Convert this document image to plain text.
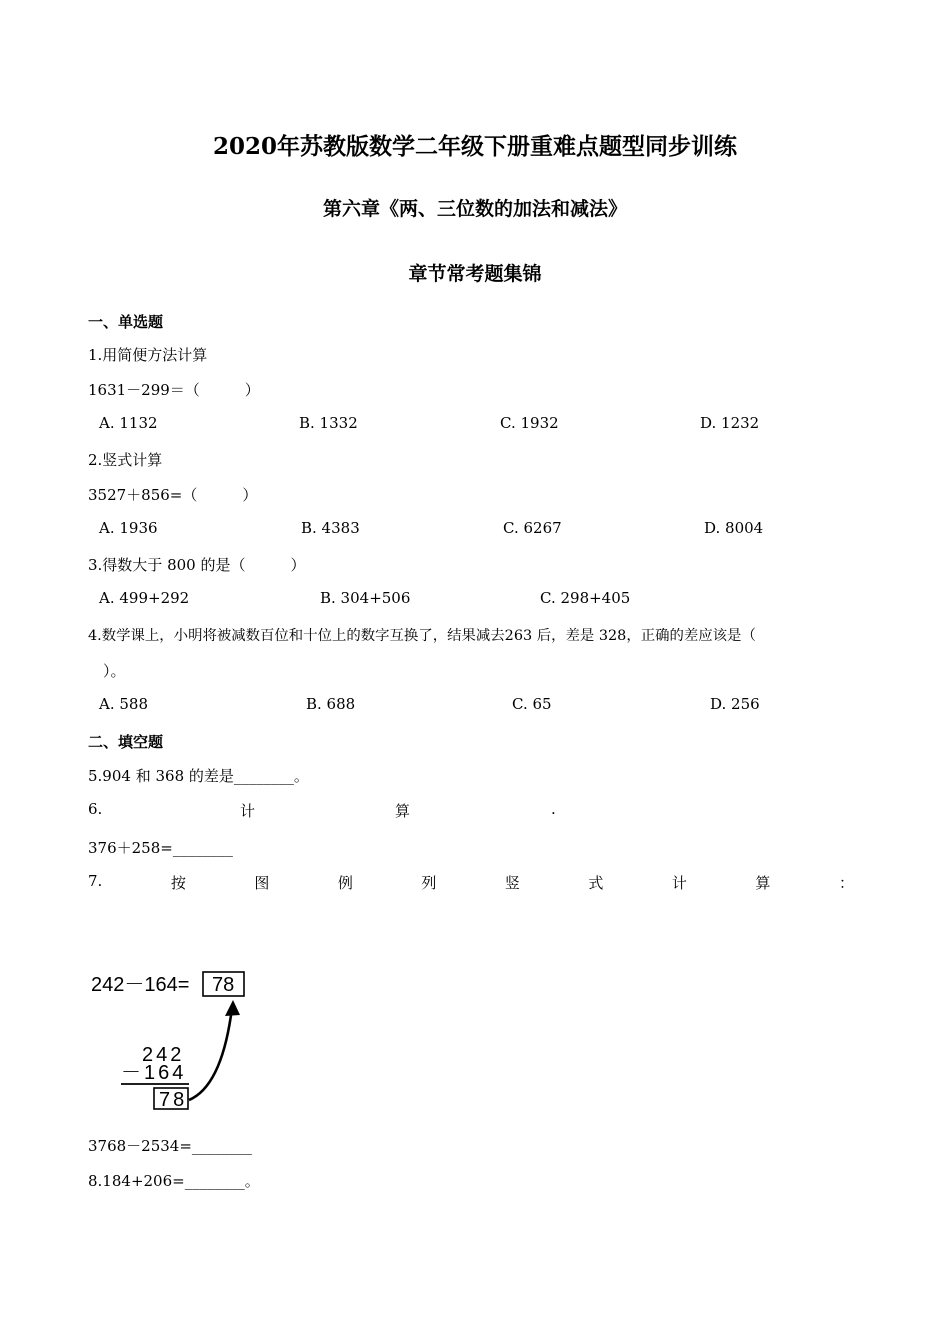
2020年苏教版数学二年级下册重难点题型同步训练
第六章《两、三位数的加法和减法》
章节常考题集锦
一、单选题
1.用简便方法计算
1631－299＝（　　　）
A. 1132	B. 1332	C. 1932	D. 1232
2.竖式计算
3527＋856=（　　　）
A. 1936	B. 4383	C. 6267	D. 8004
3.得数大于 800 的是（　　　）
A. 499+292	B. 304+506	C. 298+405
4.数学课上，小明将被减数百位和十位上的数字互换了，结果减去263 后，差是 328，正确的差应该是（
　）。
A. 588	B. 688	C. 65	D. 256
二、填空题
5.904 和 368 的差是________。
6.	计	算	.
376＋258=________
7.	按	图	例	列	竖	式	计	算	：
242－164= 78
242
－164
78
3768－2534=________
8.184+206=________。
